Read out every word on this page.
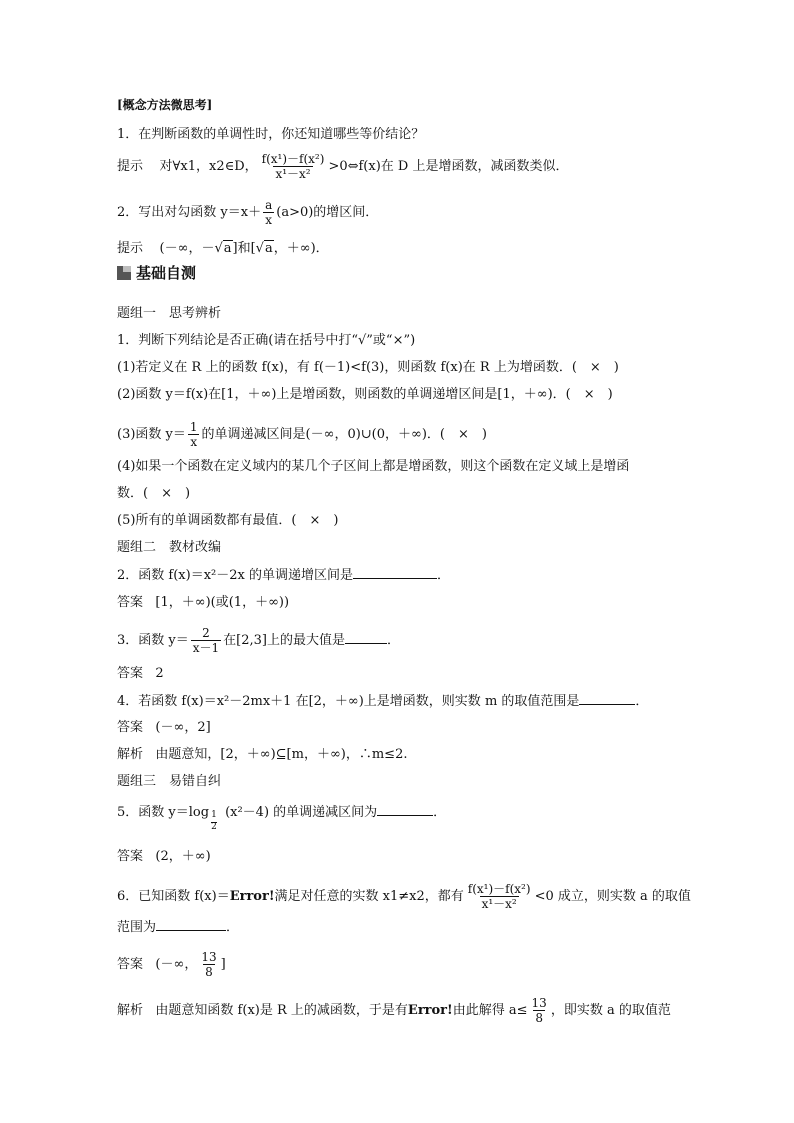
[概念方法微思考]
1．在判断函数的单调性时，你还知道哪些等价结论？
提示 对∀x1，x2∈D， $\frac{\text{f(x¹)－f(x²)}}{\text{x¹－x²}}$ >0⇔f(x)在 D 上是增函数，减函数类似．
2．写出对勾函数 $y=x+ \frac{a}{x} (a>0)$的增区间．
提示 (－∞，－√a]和[√a，＋∞)．
基础自测
题组一　思考辨析
1．判断下列结论是否正确(请在括号中打“√”或“×”)
(1)若定义在 R 上的函数 f(x)，有 f(－1)<f(3)，则函数 f(x)在 R 上为增函数．(　×　)
(2)函数 y＝f(x)在[1，＋∞)上是增函数，则函数的单调递增区间是[1，＋∞)．(　×　)
(3)函数 $y= \frac{1}{x}$ 的单调递减区间是(－∞，0)∪(0，＋∞)．(　×　)
(4)如果一个函数在定义域内的某几个子区间上都是增函数，则这个函数在定义域上是增函
数．(　×　)
(5)所有的单调函数都有最值．(　×　)
题组二　教材改编
2．函数 f(x)＝x²－2x 的单调递增区间是	．
答案 [1，＋∞)(或(1，＋∞))
3．函数 $y= \frac{2}{x-1}$ 在[2,3]上的最大值是	．
答案 2
4．若函数 f(x)＝x²－2mx＋1 在[2，＋∞)上是增函数，则实数 m 的取值范围是	．
答案 (－∞，2]
解析 由题意知，[2，＋∞)⊆[m，＋∞)，∴m≤2.
题组三　易错自纠
5．函数 $y=\log \frac{1}{2} (x^2-4)$ 的单调递减区间为	．
答案 (2，＋∞)
6．已知函数 f(x)＝Error!满足对任意的实数 x1≠x2，都有 $\frac{\text{f(x¹)－f(x²)}}{\text{x¹－x²}} <0$ 成立，则实数 a 的取值
范围为	．
答案 (－∞， $\frac{13}{8}$ ]
解析 由题意知函数 f(x)是 R 上的减函数，于是有Error!由此解得 $a\le \frac{13}{8}$ ，即实数 a 的取值范
